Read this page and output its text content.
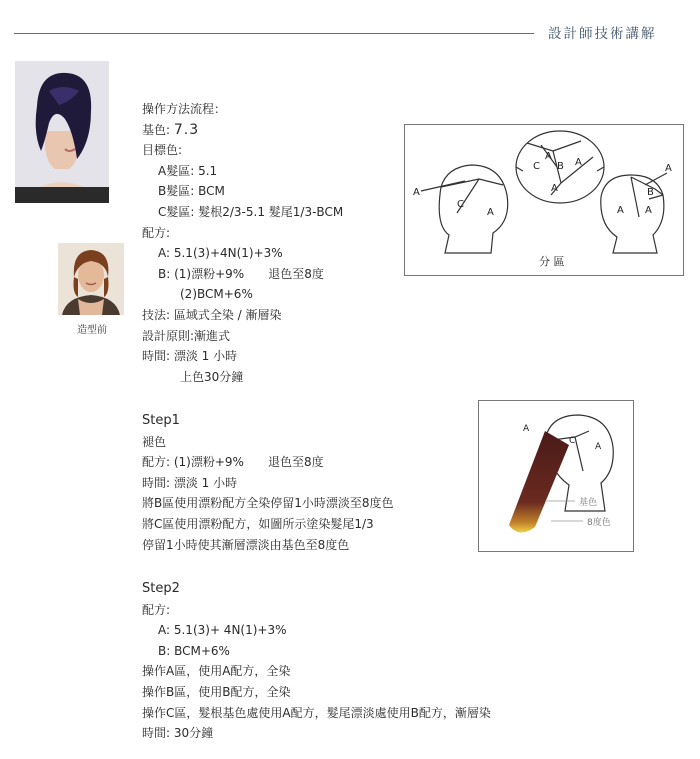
設計師技術講解
造型前
操作方法流程：
基色: 7.3
目標色:
A髮區: 5.1
B髮區: BCM
C髮區: 髮根2/3-5.1 髮尾1/3-BCM
配方:
A: 5.1(3)+4N(1)+3%
B: (1)漂粉+9% 退色至8度
(2)BCM+6%
技法: 區域式全染 / 漸層染
設計原則:漸進式
時間: 漂淡 1 小時
上色30分鐘
Step1
褪色
配方: (1)漂粉+9% 退色至8度
時間: 漂淡 1 小時
將B區使用漂粉配方全染停留1小時漂淡至8度色
將C區使用漂粉配方，如圖所示塗染髮尾1/3
停留1小時使其漸層漂淡由基色至8度色
Step2
配方:
A: 5.1(3)+ 4N(1)+3%
B: BCM+6%
操作A區，使用A配方，全染
操作B區，使用B配方，全染
操作C區，髮根基色處使用A配方，髮尾漂淡處使用B配方，漸層染
時間: 30分鐘
A
C
A
C
A
B A
A
A
B
A A
分 區
A
C
A
基色
8度色
